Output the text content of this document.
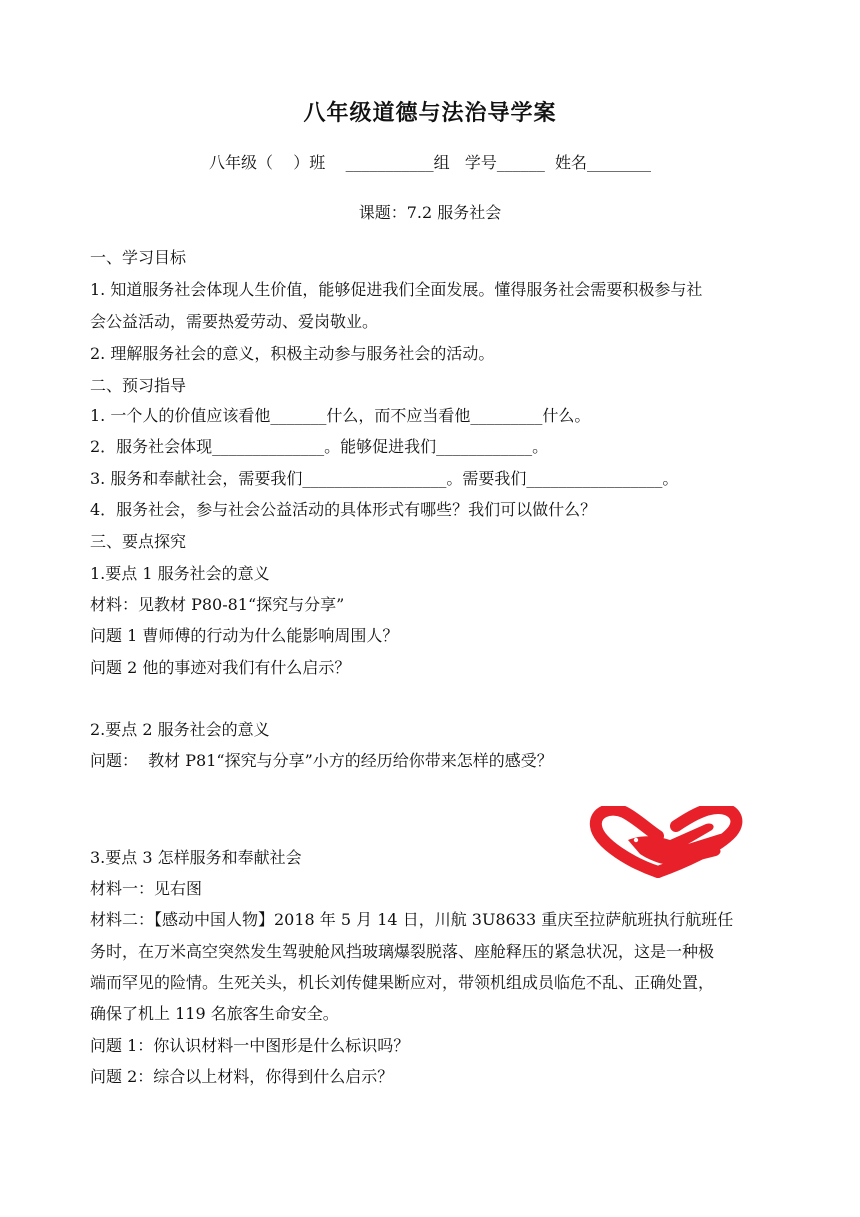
八年级道德与法治导学案
八年级（    ）班    ___________组   学号______  姓名________
课题：7.2 服务社会
一、学习目标
1. 知道服务社会体现人生价值，能够促进我们全面发展。懂得服务社会需要积极参与社
会公益活动，需要热爱劳动、爱岗敬业。
2. 理解服务社会的意义，积极主动参与服务社会的活动。
二、预习指导
1. 一个人的价值应该看他_______什么，而不应当看他_________什么。
2．服务社会体现______________。能够促进我们____________。
3. 服务和奉献社会，需要我们__________________。需要我们_________________。
4．服务社会，参与社会公益活动的具体形式有哪些？我们可以做什么？
三、要点探究
1.要点 1 服务社会的意义
材料：见教材 P80-81“探究与分享”
问题 1 曹师傅的行动为什么能影响周围人？
问题 2 他的事迹对我们有什么启示？
2.要点 2 服务社会的意义
问题：  教材 P81“探究与分享”小方的经历给你带来怎样的感受？
3.要点 3 怎样服务和奉献社会
材料一：见右图
材料二：【感动中国人物】2018 年 5 月 14 日，川航 3U8633 重庆至拉萨航班执行航班任
务时，在万米高空突然发生驾驶舱风挡玻璃爆裂脱落、座舱释压的紧急状况，这是一种极
端而罕见的险情。生死关头，机长刘传健果断应对，带领机组成员临危不乱、正确处置，
确保了机上 119 名旅客生命安全。
问题 1：你认识材料一中图形是什么标识吗？
问题 2：综合以上材料，你得到什么启示？
